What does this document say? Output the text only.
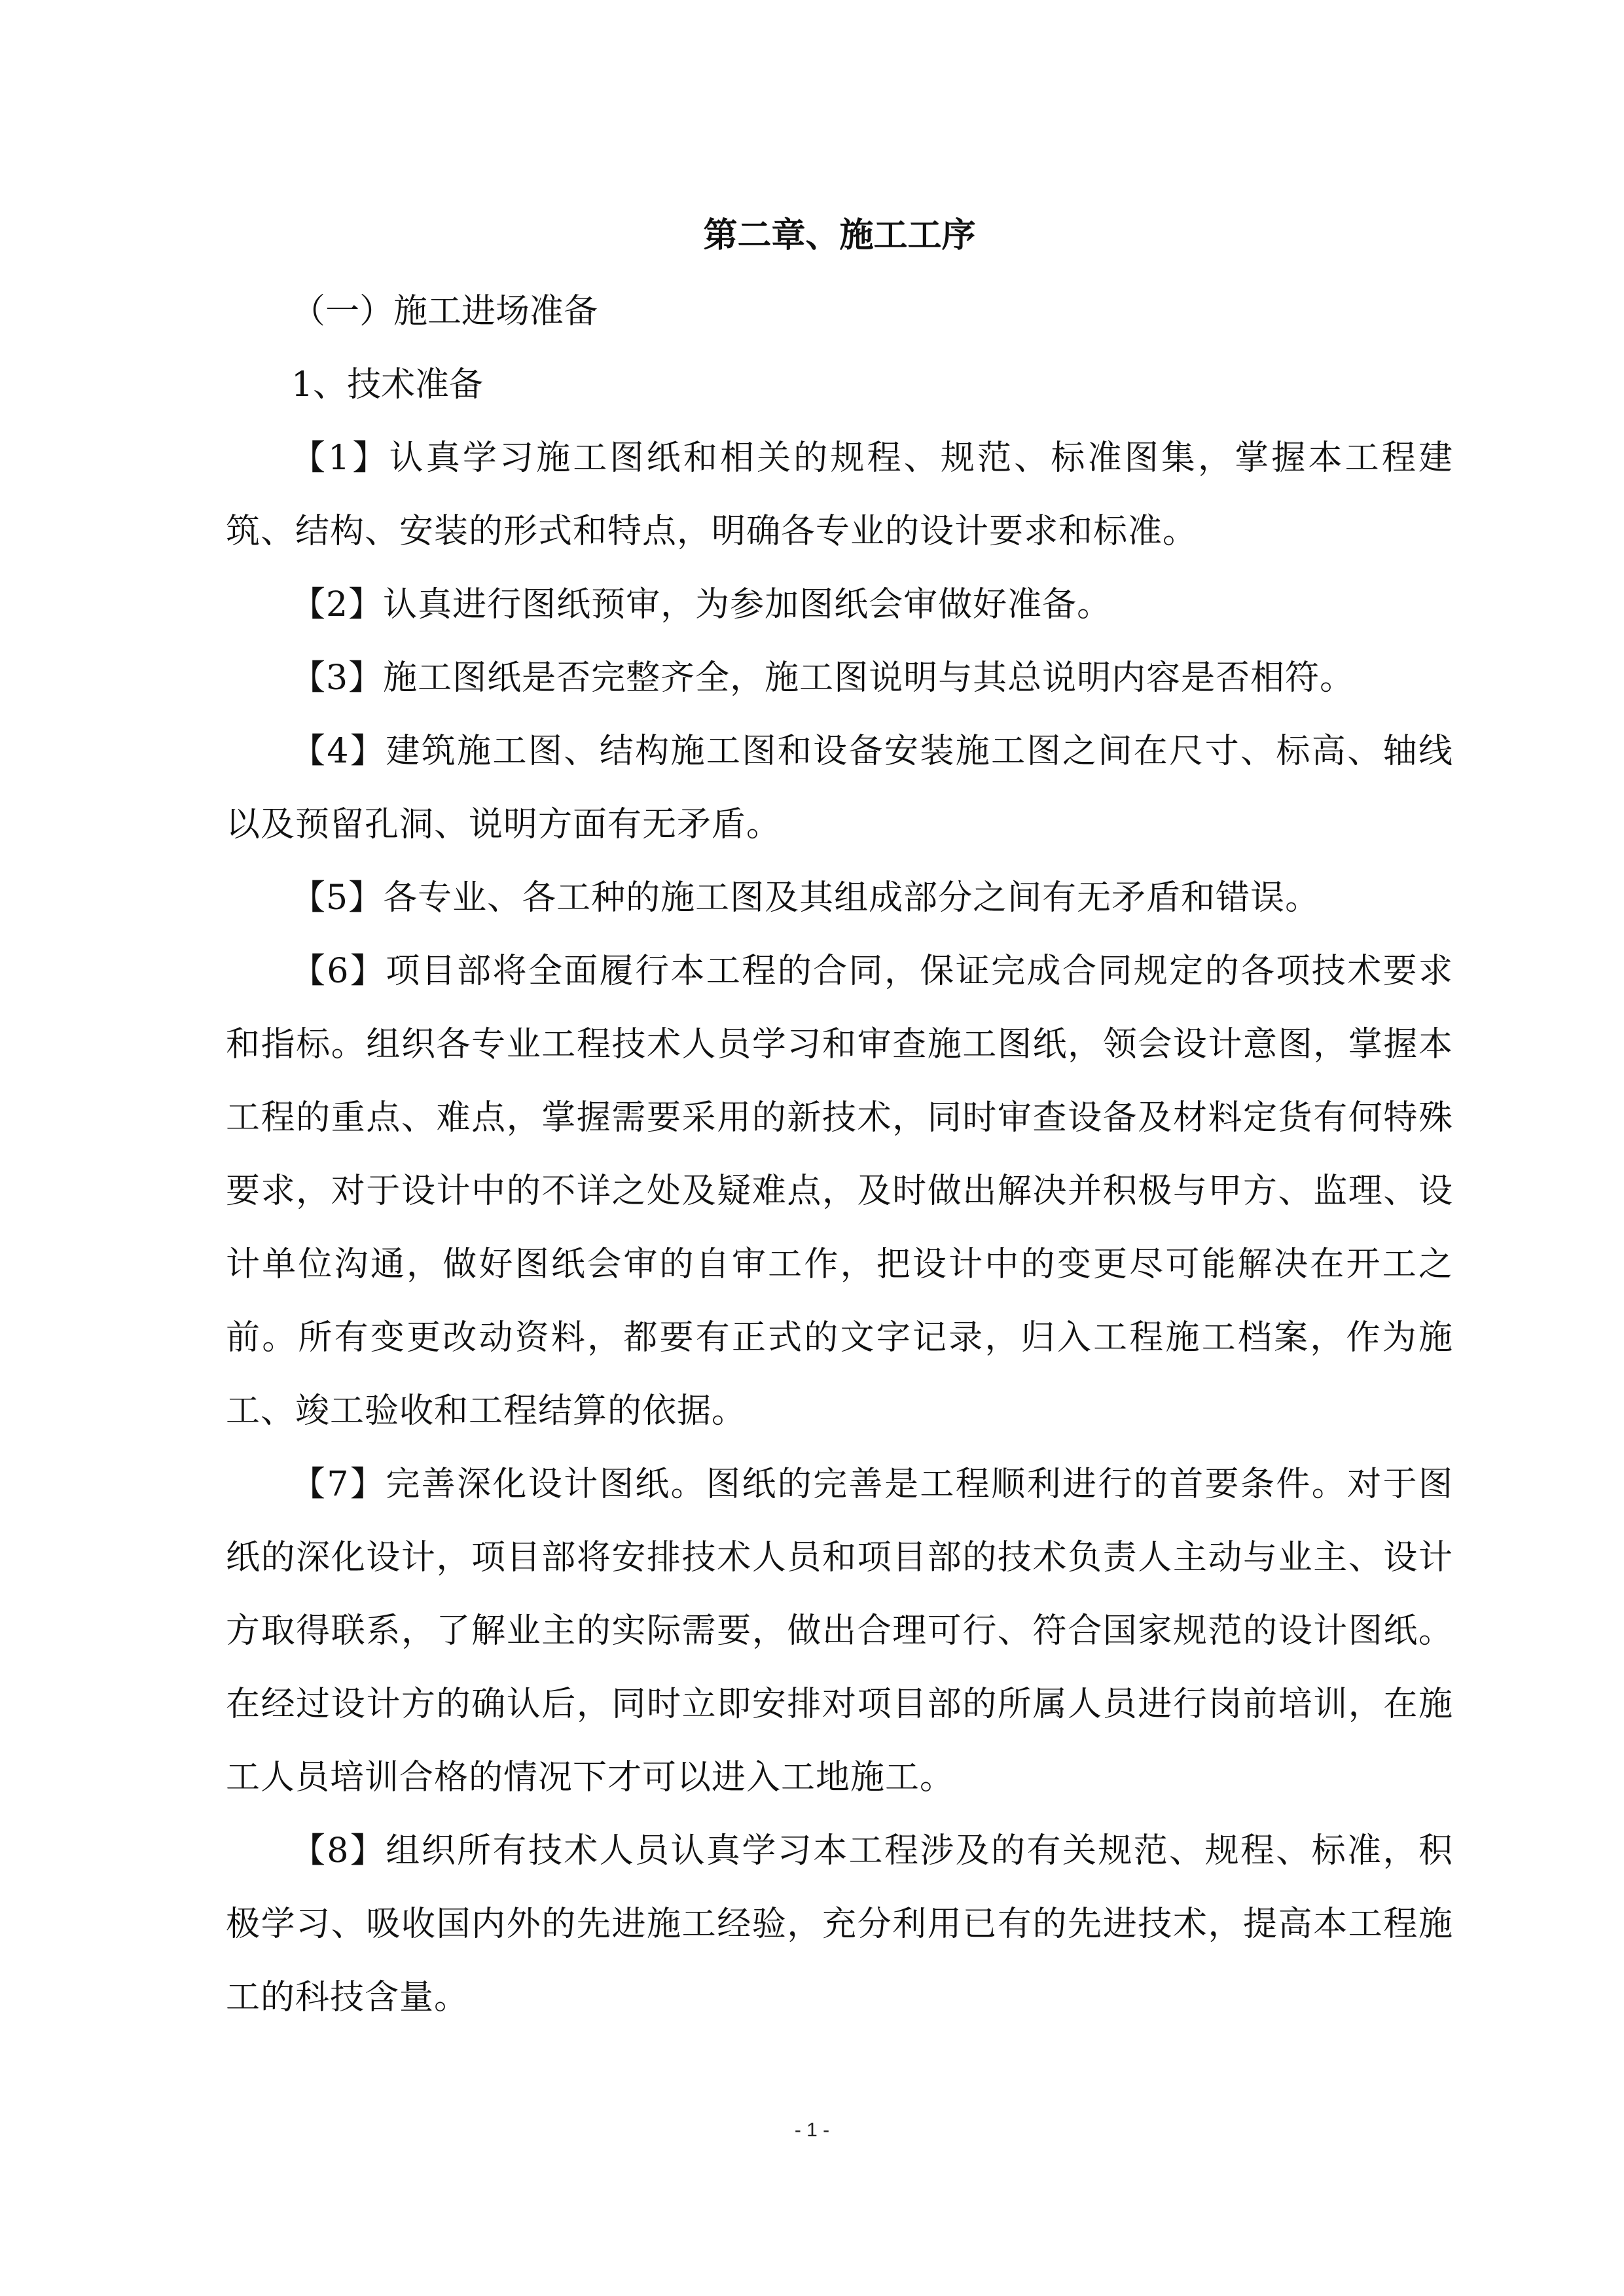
第二章、施工工序

（一）施工进场准备

1、技术准备

【1】认真学习施工图纸和相关的规程、规范、标准图集，掌握本工程建筑、结构、安装的形式和特点，明确各专业的设计要求和标准。

【2】认真进行图纸预审，为参加图纸会审做好准备。

【3】施工图纸是否完整齐全，施工图说明与其总说明内容是否相符。

【4】建筑施工图、结构施工图和设备安装施工图之间在尺寸、标高、轴线以及预留孔洞、说明方面有无矛盾。

【5】各专业、各工种的施工图及其组成部分之间有无矛盾和错误。

【6】项目部将全面履行本工程的合同，保证完成合同规定的各项技术要求和指标。组织各专业工程技术人员学习和审查施工图纸，领会设计意图，掌握本工程的重点、难点，掌握需要采用的新技术，同时审查设备及材料定货有何特殊要求，对于设计中的不详之处及疑难点，及时做出解决并积极与甲方、监理、设计单位沟通，做好图纸会审的自审工作，把设计中的变更尽可能解决在开工之前。所有变更改动资料，都要有正式的文字记录，归入工程施工档案，作为施工、竣工验收和工程结算的依据。

【7】完善深化设计图纸。图纸的完善是工程顺利进行的首要条件。对于图纸的深化设计，项目部将安排技术人员和项目部的技术负责人主动与业主、设计方取得联系，了解业主的实际需要，做出合理可行、符合国家规范的设计图纸。在经过设计方的确认后，同时立即安排对项目部的所属人员进行岗前培训，在施工人员培训合格的情况下才可以进入工地施工。

【8】组织所有技术人员认真学习本工程涉及的有关规范、规程、标准，积极学习、吸收国内外的先进施工经验，充分利用已有的先进技术，提高本工程施工的科技含量。

- 1 -
